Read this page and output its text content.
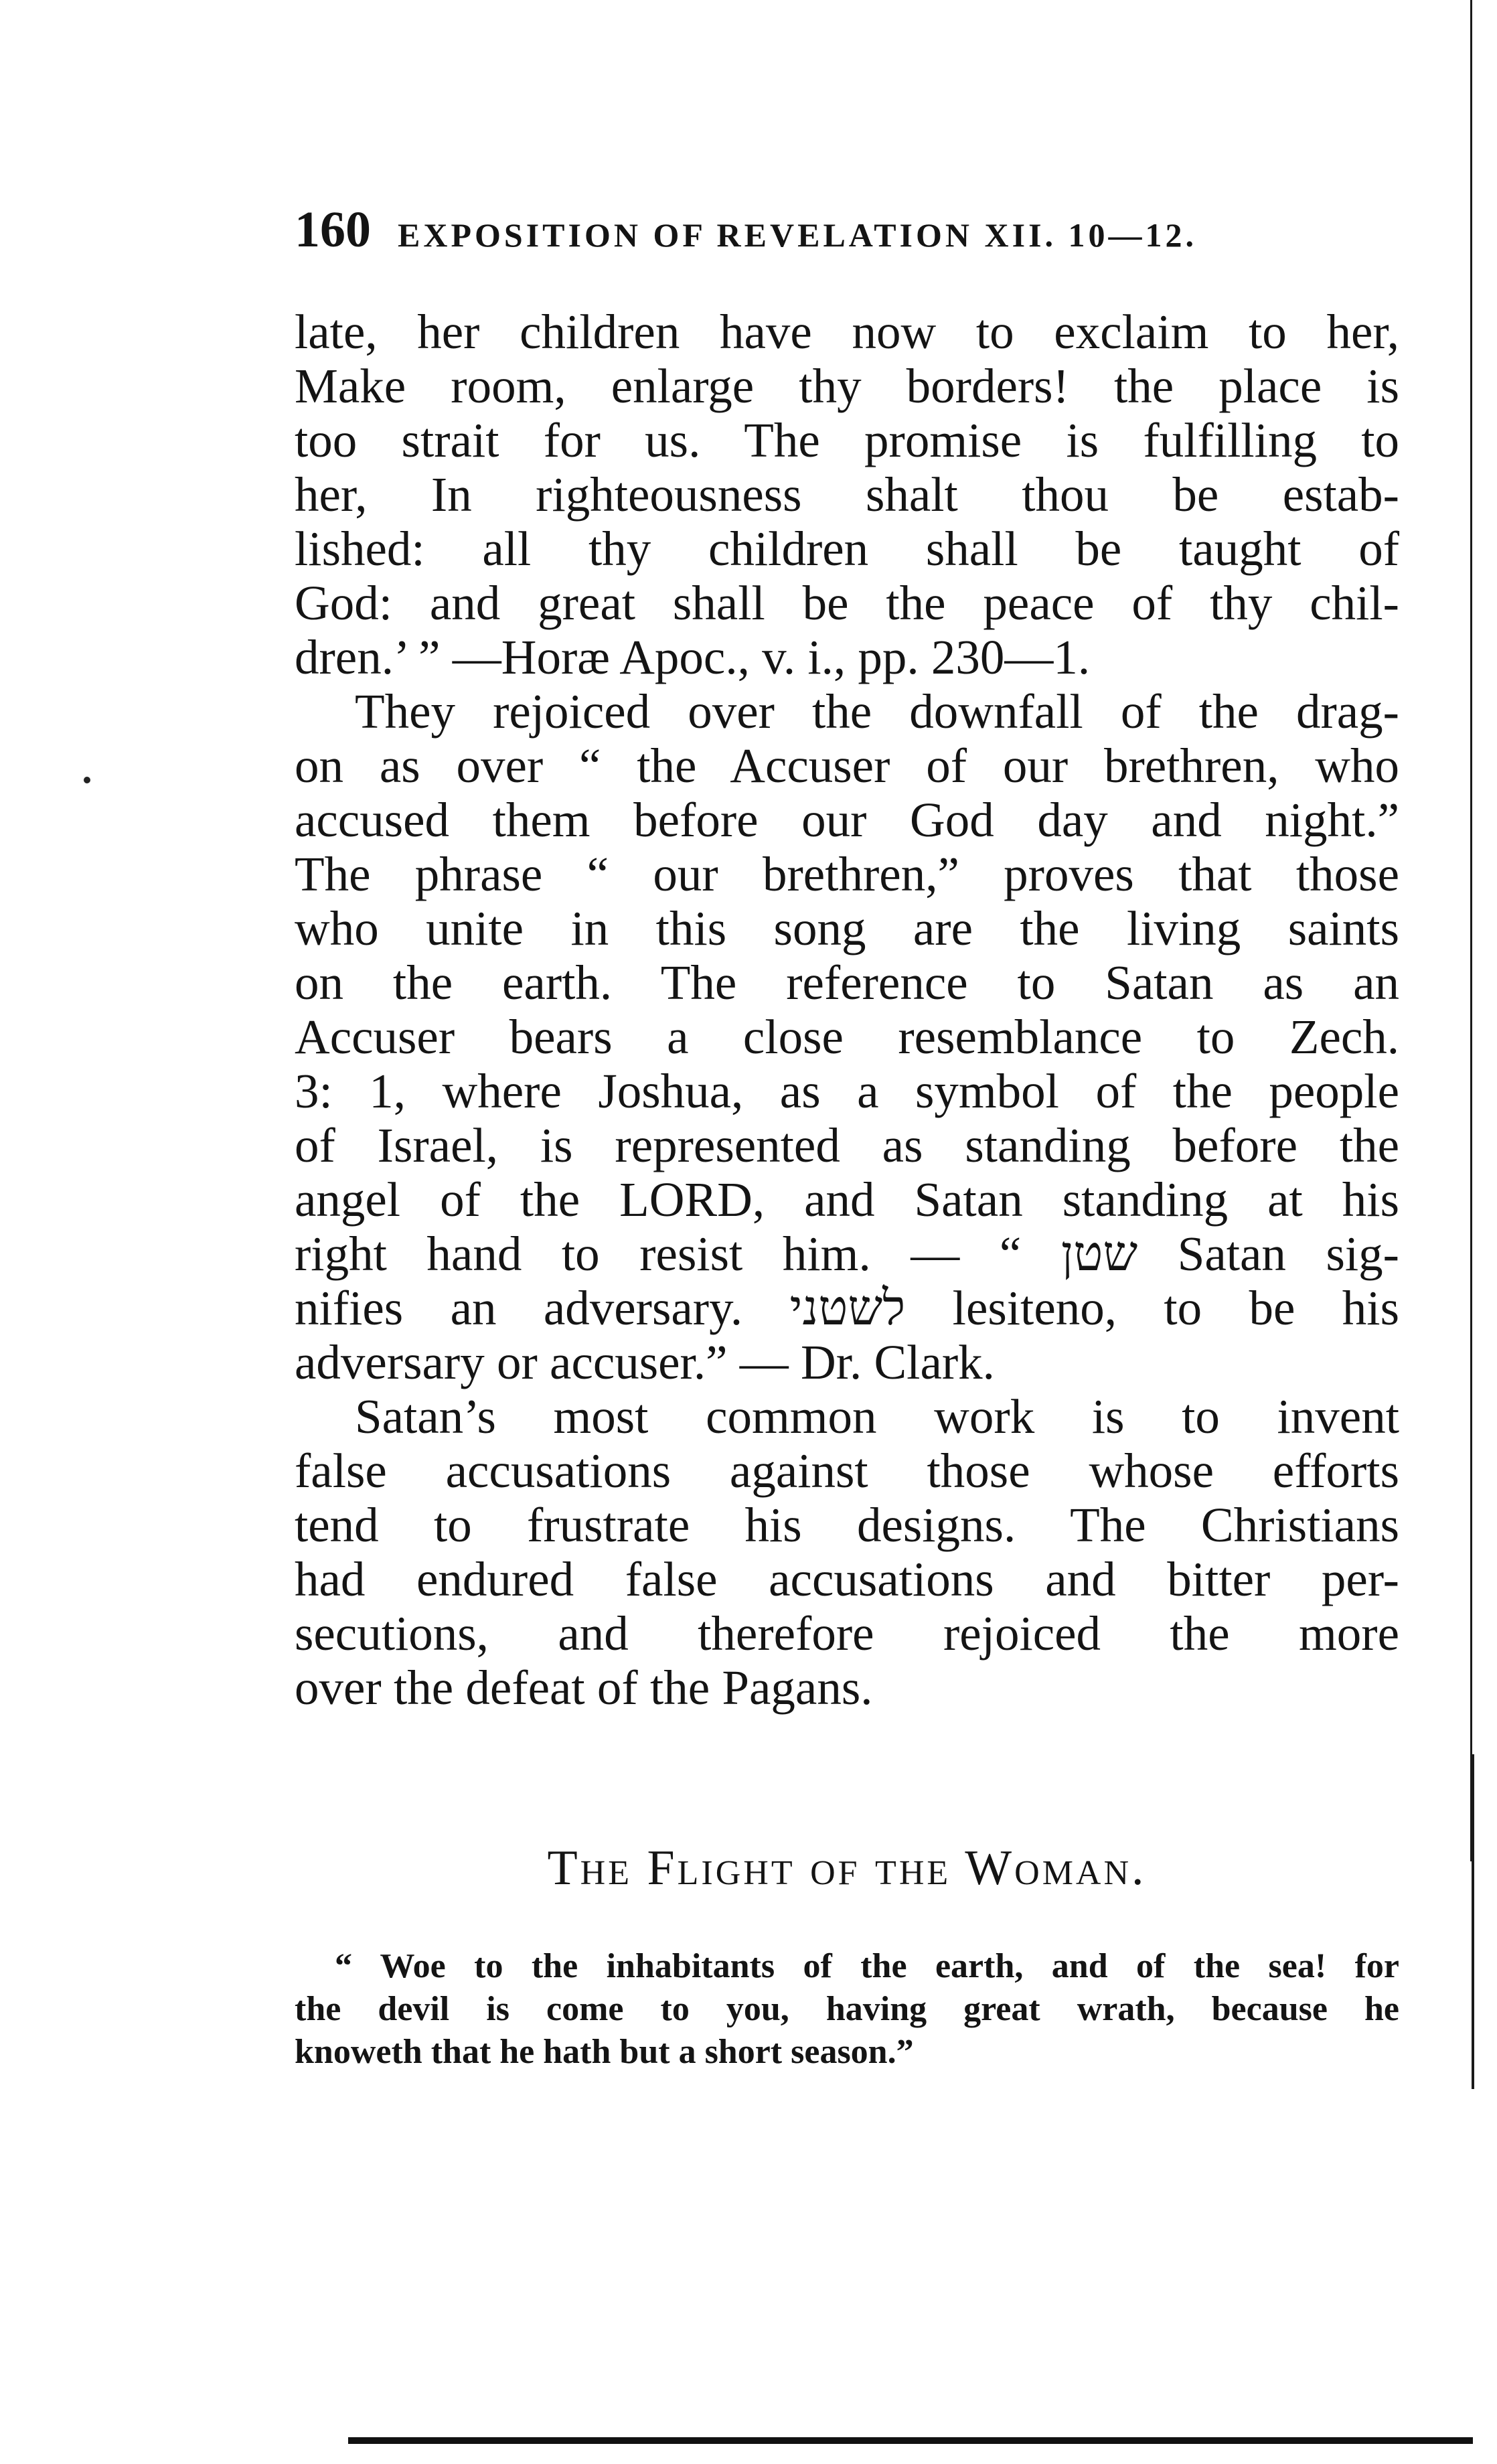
160 EXPOSITION OF REVELATION XII. 10—12.
late, her children have now to exclaim to her,
Make room, enlarge thy borders! the place is
too strait for us. The promise is fulfilling to
her, In righteousness shalt thou be estab-
lished: all thy children shall be taught of
God: and great shall be the peace of thy chil-
dren.’ ” —Horæ Apoc., v. i., pp. 230—1.
They rejoiced over the downfall of the drag-
on as over “ the Accuser of our brethren, who
accused them before our God day and night.”
The phrase “ our brethren,” proves that those
who unite in this song are the living saints
on the earth. The reference to Satan as an
Accuser bears a close resemblance to Zech.
3: 1, where Joshua, as a symbol of the people
of Israel, is represented as standing before the
angel of the LORD, and Satan standing at his
right hand to resist him. — “ שטן Satan sig-
nifies an adversary. לשטני lesiteno, to be his
adversary or accuser.” — Dr. Clark.
Satan’s most common work is to invent
false accusations against those whose efforts
tend to frustrate his designs. The Christians
had endured false accusations and bitter per-
secutions, and therefore rejoiced the more
over the defeat of the Pagans.
The Flight of the Woman.
“ Woe to the inhabitants of the earth, and of the sea! for
the devil is come to you, having great wrath, because he
knoweth that he hath but a short season.”
